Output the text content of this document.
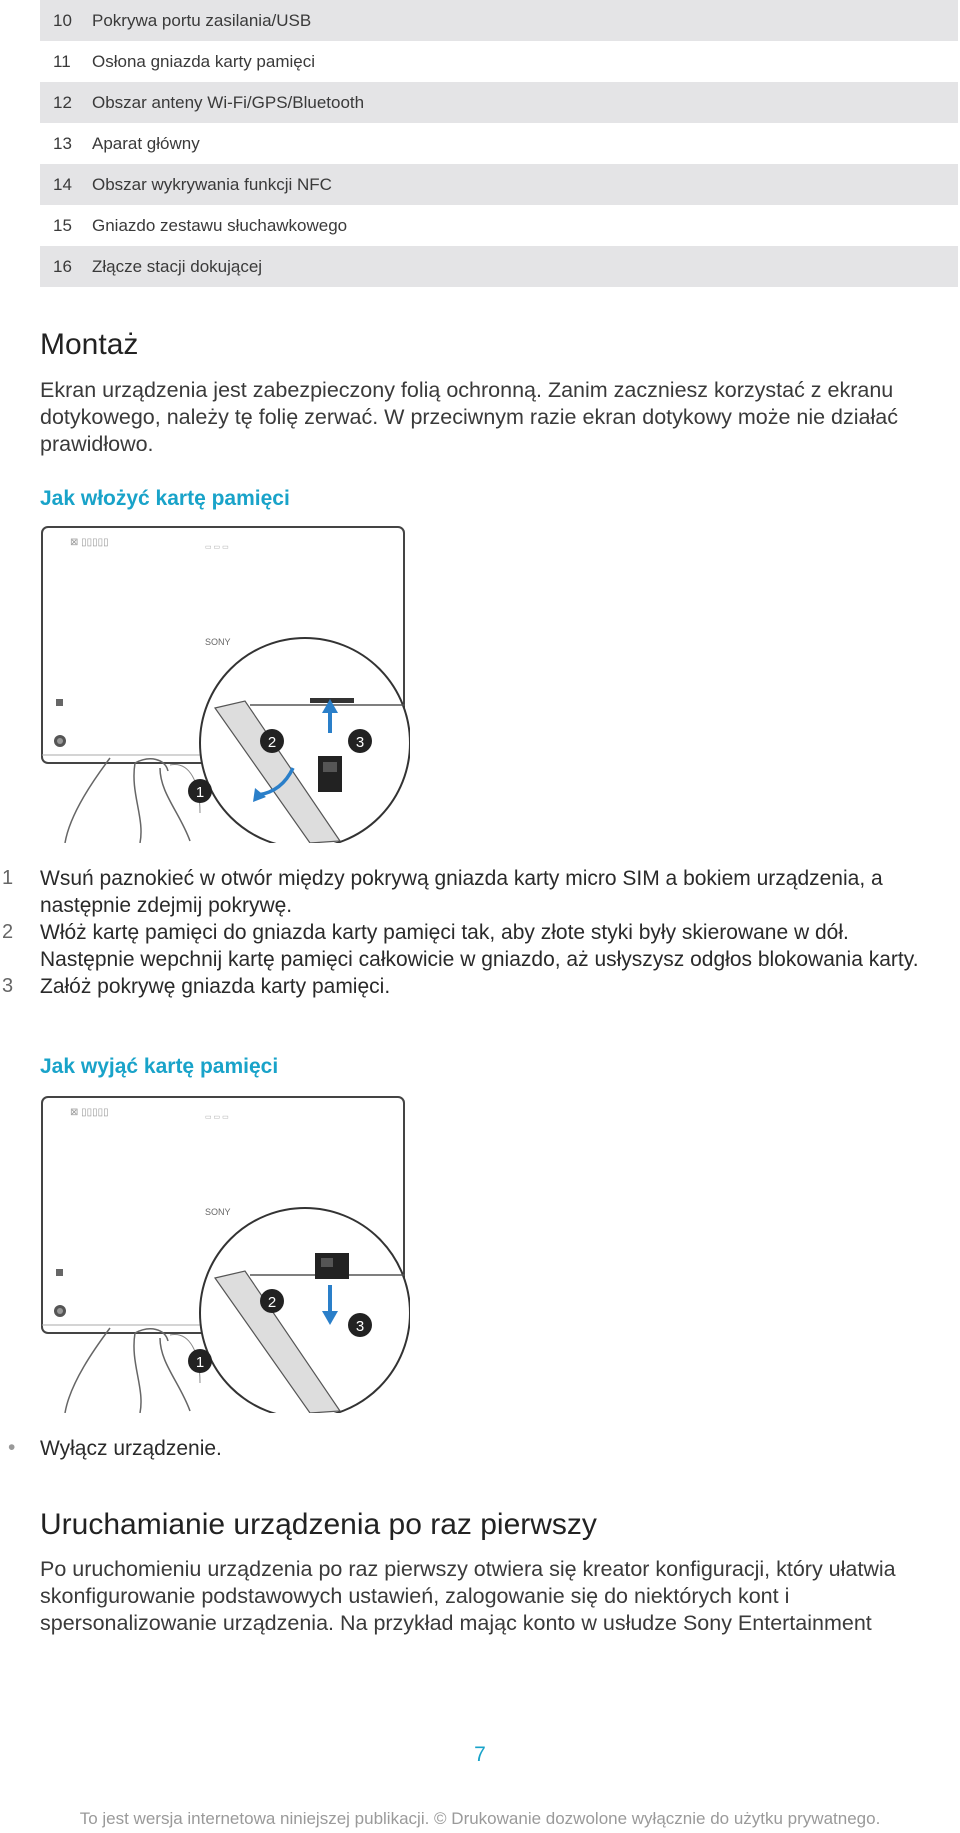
10	Pokrywa portu zasilania/USB
11	Osłona gniazda karty pamięci
12	Obszar anteny Wi-Fi/GPS/Bluetooth
13	Aparat główny
14	Obszar wykrywania funkcji NFC
15	Gniazdo zestawu słuchawkowego
16	Złącze stacji dokującej
Montaż

Ekran urządzenia jest zabezpieczony folią ochronną. Zanim zaczniesz korzystać z ekranu dotykowego, należy tę folię zerwać. W przeciwnym razie ekran dotykowy może nie działać prawidłowo.

Jak włożyć kartę pamięci
⊠ ▯▯▯▯▯	▭ ▭ ▭
SONY
2	3
1
1 Wsuń paznokieć w otwór między pokrywą gniazda karty micro SIM a bokiem urządzenia, a następnie zdejmij pokrywę.
2 Włóż kartę pamięci do gniazda karty pamięci tak, aby złote styki były skierowane w dół. Następnie wepchnij kartę pamięci całkowicie w gniazdo, aż usłyszysz odgłos blokowania karty.
3 Załóż pokrywę gniazda karty pamięci.
Jak wyjąć kartę pamięci
⊠ ▯▯▯▯▯	▭ ▭ ▭
SONY
2
3
1
• Wyłącz urządzenie.
Uruchamianie urządzenia po raz pierwszy

Po uruchomieniu urządzenia po raz pierwszy otwiera się kreator konfiguracji, który ułatwia skonfigurowanie podstawowych ustawień, zalogowanie się do niektórych kont i spersonalizowanie urządzenia. Na przykład mając konto w usłudze Sony Entertainment

7
To jest wersja internetowa niniejszej publikacji. © Drukowanie dozwolone wyłącznie do użytku prywatnego.
